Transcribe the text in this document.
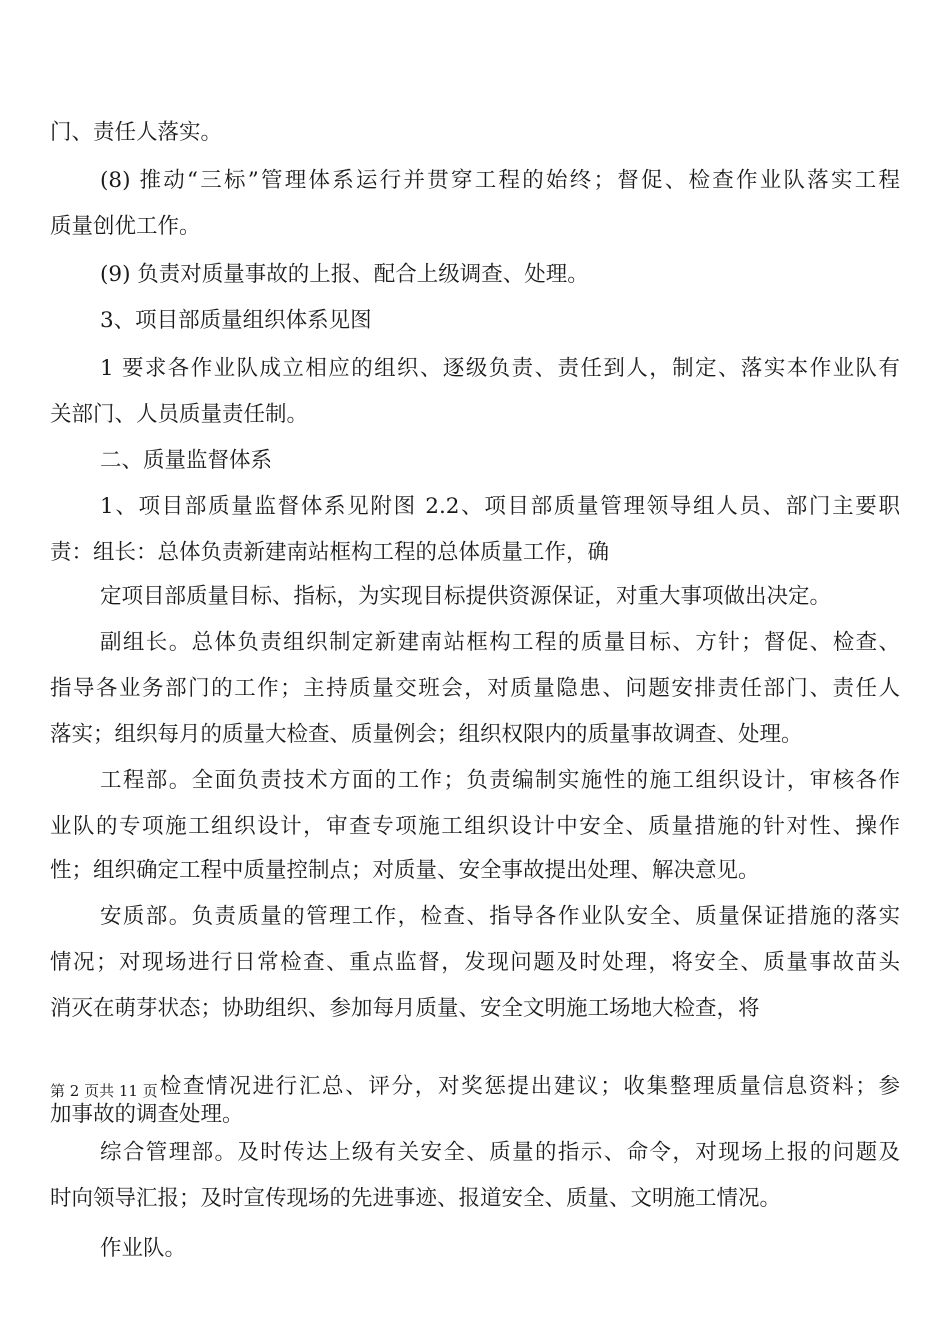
门、责任人落实。
(8) 推动“三标”管理体系运行并贯穿工程的始终；督促、检查作业队落实工程
质量创优工作。
(9) 负责对质量事故的上报、配合上级调查、处理。
3、项目部质量组织体系见图
1 要求各作业队成立相应的组织、逐级负责、责任到人，制定、落实本作业队有
关部门、人员质量责任制。
二、质量监督体系
1、项目部质量监督体系见附图 2.2、项目部质量管理领导组人员、部门主要职
责：组长：总体负责新建南站框构工程的总体质量工作，确
定项目部质量目标、指标，为实现目标提供资源保证，对重大事项做出决定。
副组长。总体负责组织制定新建南站框构工程的质量目标、方针；督促、检查、
指导各业务部门的工作；主持质量交班会，对质量隐患、问题安排责任部门、责任人
落实；组织每月的质量大检查、质量例会；组织权限内的质量事故调查、处理。
工程部。全面负责技术方面的工作；负责编制实施性的施工组织设计，审核各作
业队的专项施工组织设计，审查专项施工组织设计中安全、质量措施的针对性、操作
性；组织确定工程中质量控制点；对质量、安全事故提出处理、解决意见。
安质部。负责质量的管理工作，检查、指导各作业队安全、质量保证措施的落实
情况；对现场进行日常检查、重点监督，发现问题及时处理，将安全、质量事故苗头
消灭在萌芽状态；协助组织、参加每月质量、安全文明施工场地大检查，将
第 2 页共 11 页 检查情况进行汇总、评分，对奖惩提出建议；收集整理质量信息资料；参
加事故的调查处理。
综合管理部。及时传达上级有关安全、质量的指示、命令，对现场上报的问题及
时向领导汇报；及时宣传现场的先进事迹、报道安全、质量、文明施工情况。
作业队。
